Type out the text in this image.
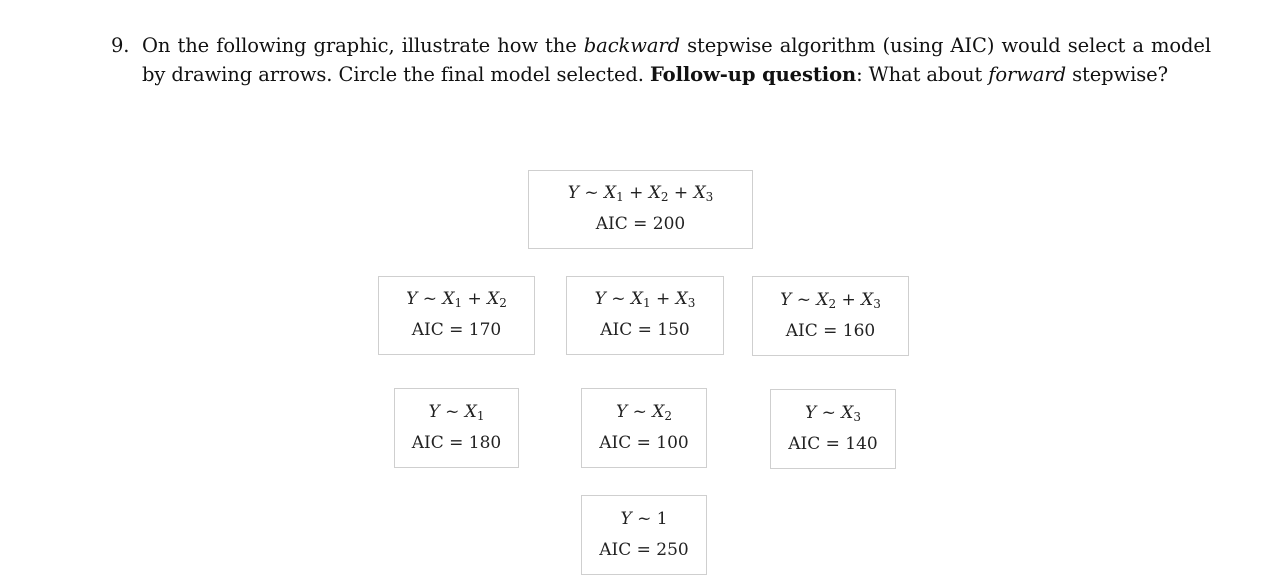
9. On the following graphic, illustrate how the backward stepwise algorithm (using AIC) would select a model by drawing arrows. Circle the final model selected. Follow-up question: What about forward stepwise?
Y ~ $X_1 + X_2 + X_3$
AIC = 200
Y ~ $X_1 + X_2$
AIC = 170
Y ~ $X_1 + X_3$
AIC = 150
Y ~ $X_2 + X_3$
AIC = 160
Y ~ $X_1$
AIC = 180
Y ~ $X_2$
AIC = 100
Y ~ $X_3$
AIC = 140
Y ~ 1
AIC = 250
